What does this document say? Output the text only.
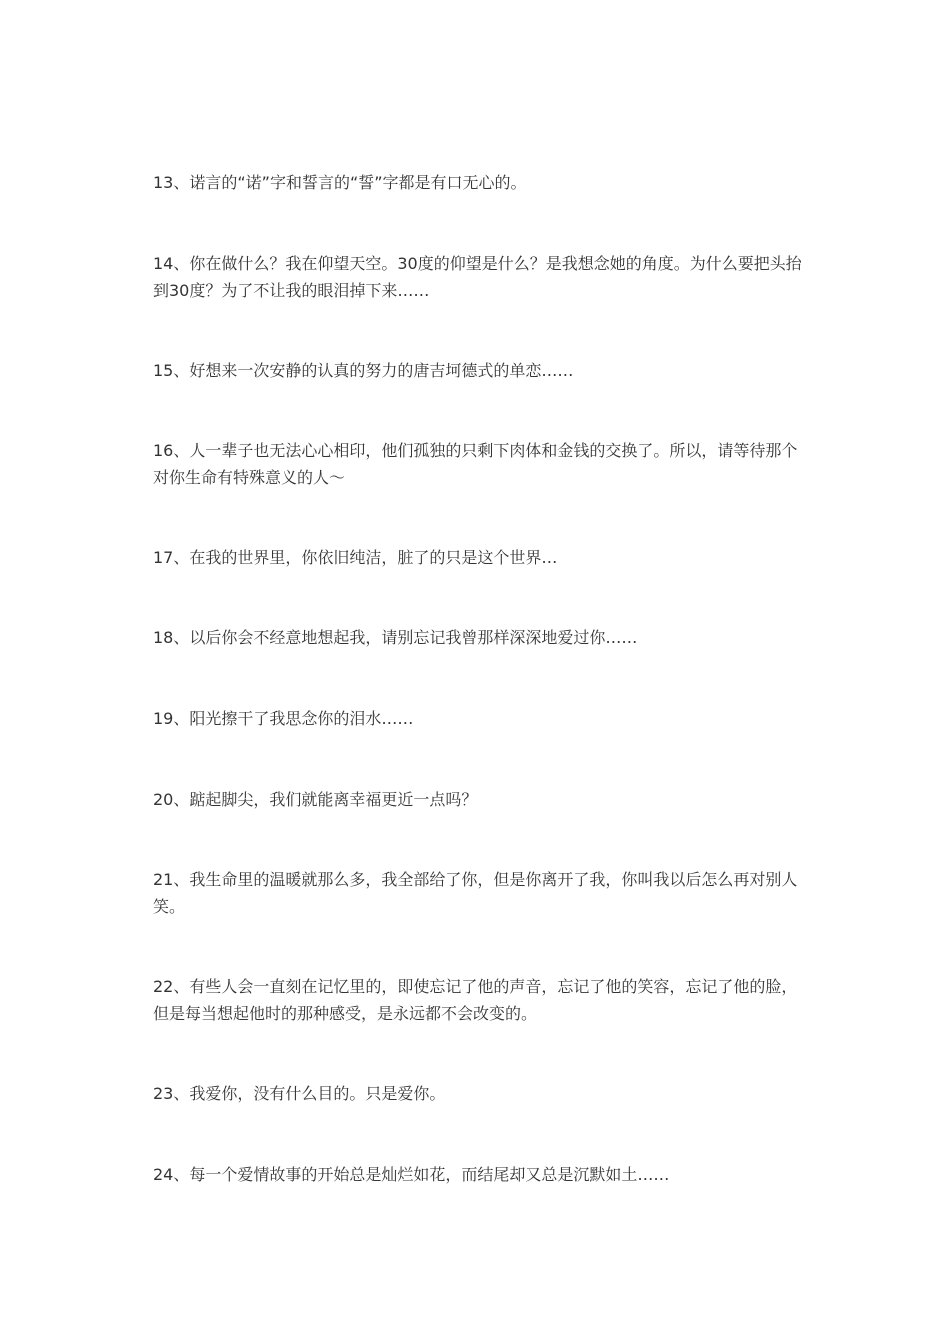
13、诺言的“诺”字和誓言的“誓”字都是有口无心的。

14、你在做什么？我在仰望天空。30度的仰望是什么？是我想念她的角度。为什么要把头抬到30度？为了不让我的眼泪掉下来……

15、好想来一次安静的认真的努力的唐吉坷德式的单恋……

16、人一辈子也无法心心相印，他们孤独的只剩下肉体和金钱的交换了。所以，请等待那个对你生命有特殊意义的人～

17、在我的世界里，你依旧纯洁，脏了的只是这个世界…

18、以后你会不经意地想起我，请别忘记我曾那样深深地爱过你……

19、阳光擦干了我思念你的泪水……

20、踮起脚尖，我们就能离幸福更近一点吗？

21、我生命里的温暖就那么多，我全部给了你，但是你离开了我，你叫我以后怎么再对别人笑。

22、有些人会一直刻在记忆里的，即使忘记了他的声音，忘记了他的笑容，忘记了他的脸，但是每当想起他时的那种感受，是永远都不会改变的。

23、我爱你，没有什么目的。只是爱你。

24、每一个爱情故事的开始总是灿烂如花，而结尾却又总是沉默如土……
